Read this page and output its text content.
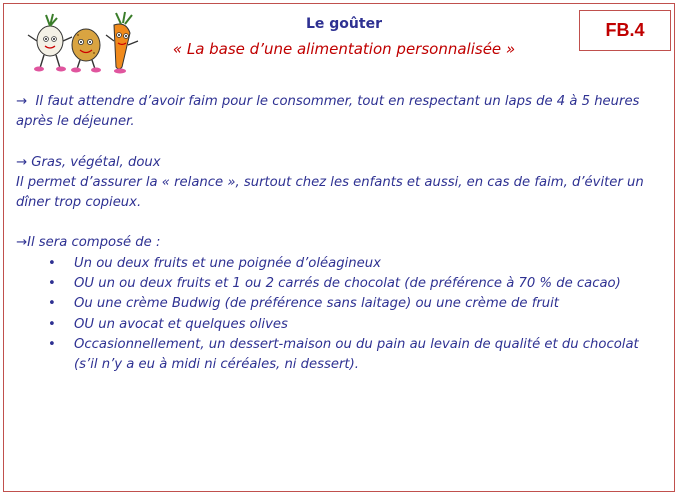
Le goûter
« La base d’une alimentation personnalisée »
FB.4

→ Il faut attendre d’avoir faim pour le consommer, tout en respectant un laps de 4 à 5 heures après le déjeuner.

→ Gras, végétal, doux

Il permet d’assurer la « relance », surtout chez les enfants et aussi, en cas de faim, d’éviter un dîner trop copieux.

→Il sera composé de :

• Un ou deux fruits et une poignée d’oléagineux
• OU un ou deux fruits et 1 ou 2 carrés de chocolat (de préférence à 70 % de cacao)
• Ou une crème Budwig (de préférence sans laitage) ou une crème de fruit
• OU un avocat et quelques olives
• Occasionnellement, un dessert-maison ou du pain au levain de qualité et du chocolat (s’il n’y a eu à midi ni céréales, ni dessert).
